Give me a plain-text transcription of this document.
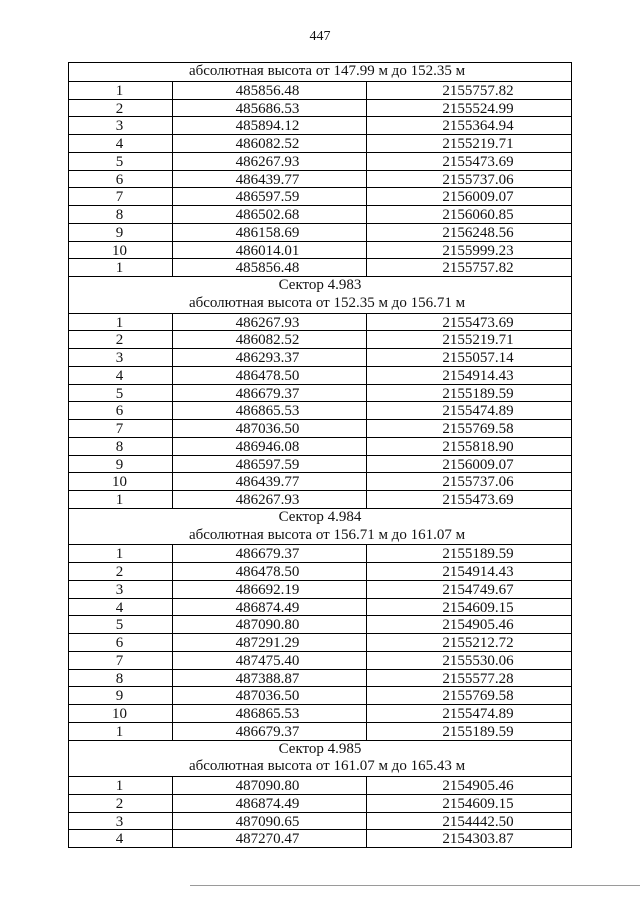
447
абсолютная высота от 147.99 м до 152.35 м
1	485856.48	2155757.82
2	485686.53	2155524.99
3	485894.12	2155364.94
4	486082.52	2155219.71
5	486267.93	2155473.69
6	486439.77	2155737.06
7	486597.59	2156009.07
8	486502.68	2156060.85
9	486158.69	2156248.56
10	486014.01	2155999.23
1	485856.48	2155757.82
Сектор 4.983
абсолютная высота от 152.35 м до 156.71 м
1	486267.93	2155473.69
2	486082.52	2155219.71
3	486293.37	2155057.14
4	486478.50	2154914.43
5	486679.37	2155189.59
6	486865.53	2155474.89
7	487036.50	2155769.58
8	486946.08	2155818.90
9	486597.59	2156009.07
10	486439.77	2155737.06
1	486267.93	2155473.69
Сектор 4.984
абсолютная высота от 156.71 м до 161.07 м
1	486679.37	2155189.59
2	486478.50	2154914.43
3	486692.19	2154749.67
4	486874.49	2154609.15
5	487090.80	2154905.46
6	487291.29	2155212.72
7	487475.40	2155530.06
8	487388.87	2155577.28
9	487036.50	2155769.58
10	486865.53	2155474.89
1	486679.37	2155189.59
Сектор 4.985
абсолютная высота от 161.07 м до 165.43 м
1	487090.80	2154905.46
2	486874.49	2154609.15
3	487090.65	2154442.50
4	487270.47	2154303.87
